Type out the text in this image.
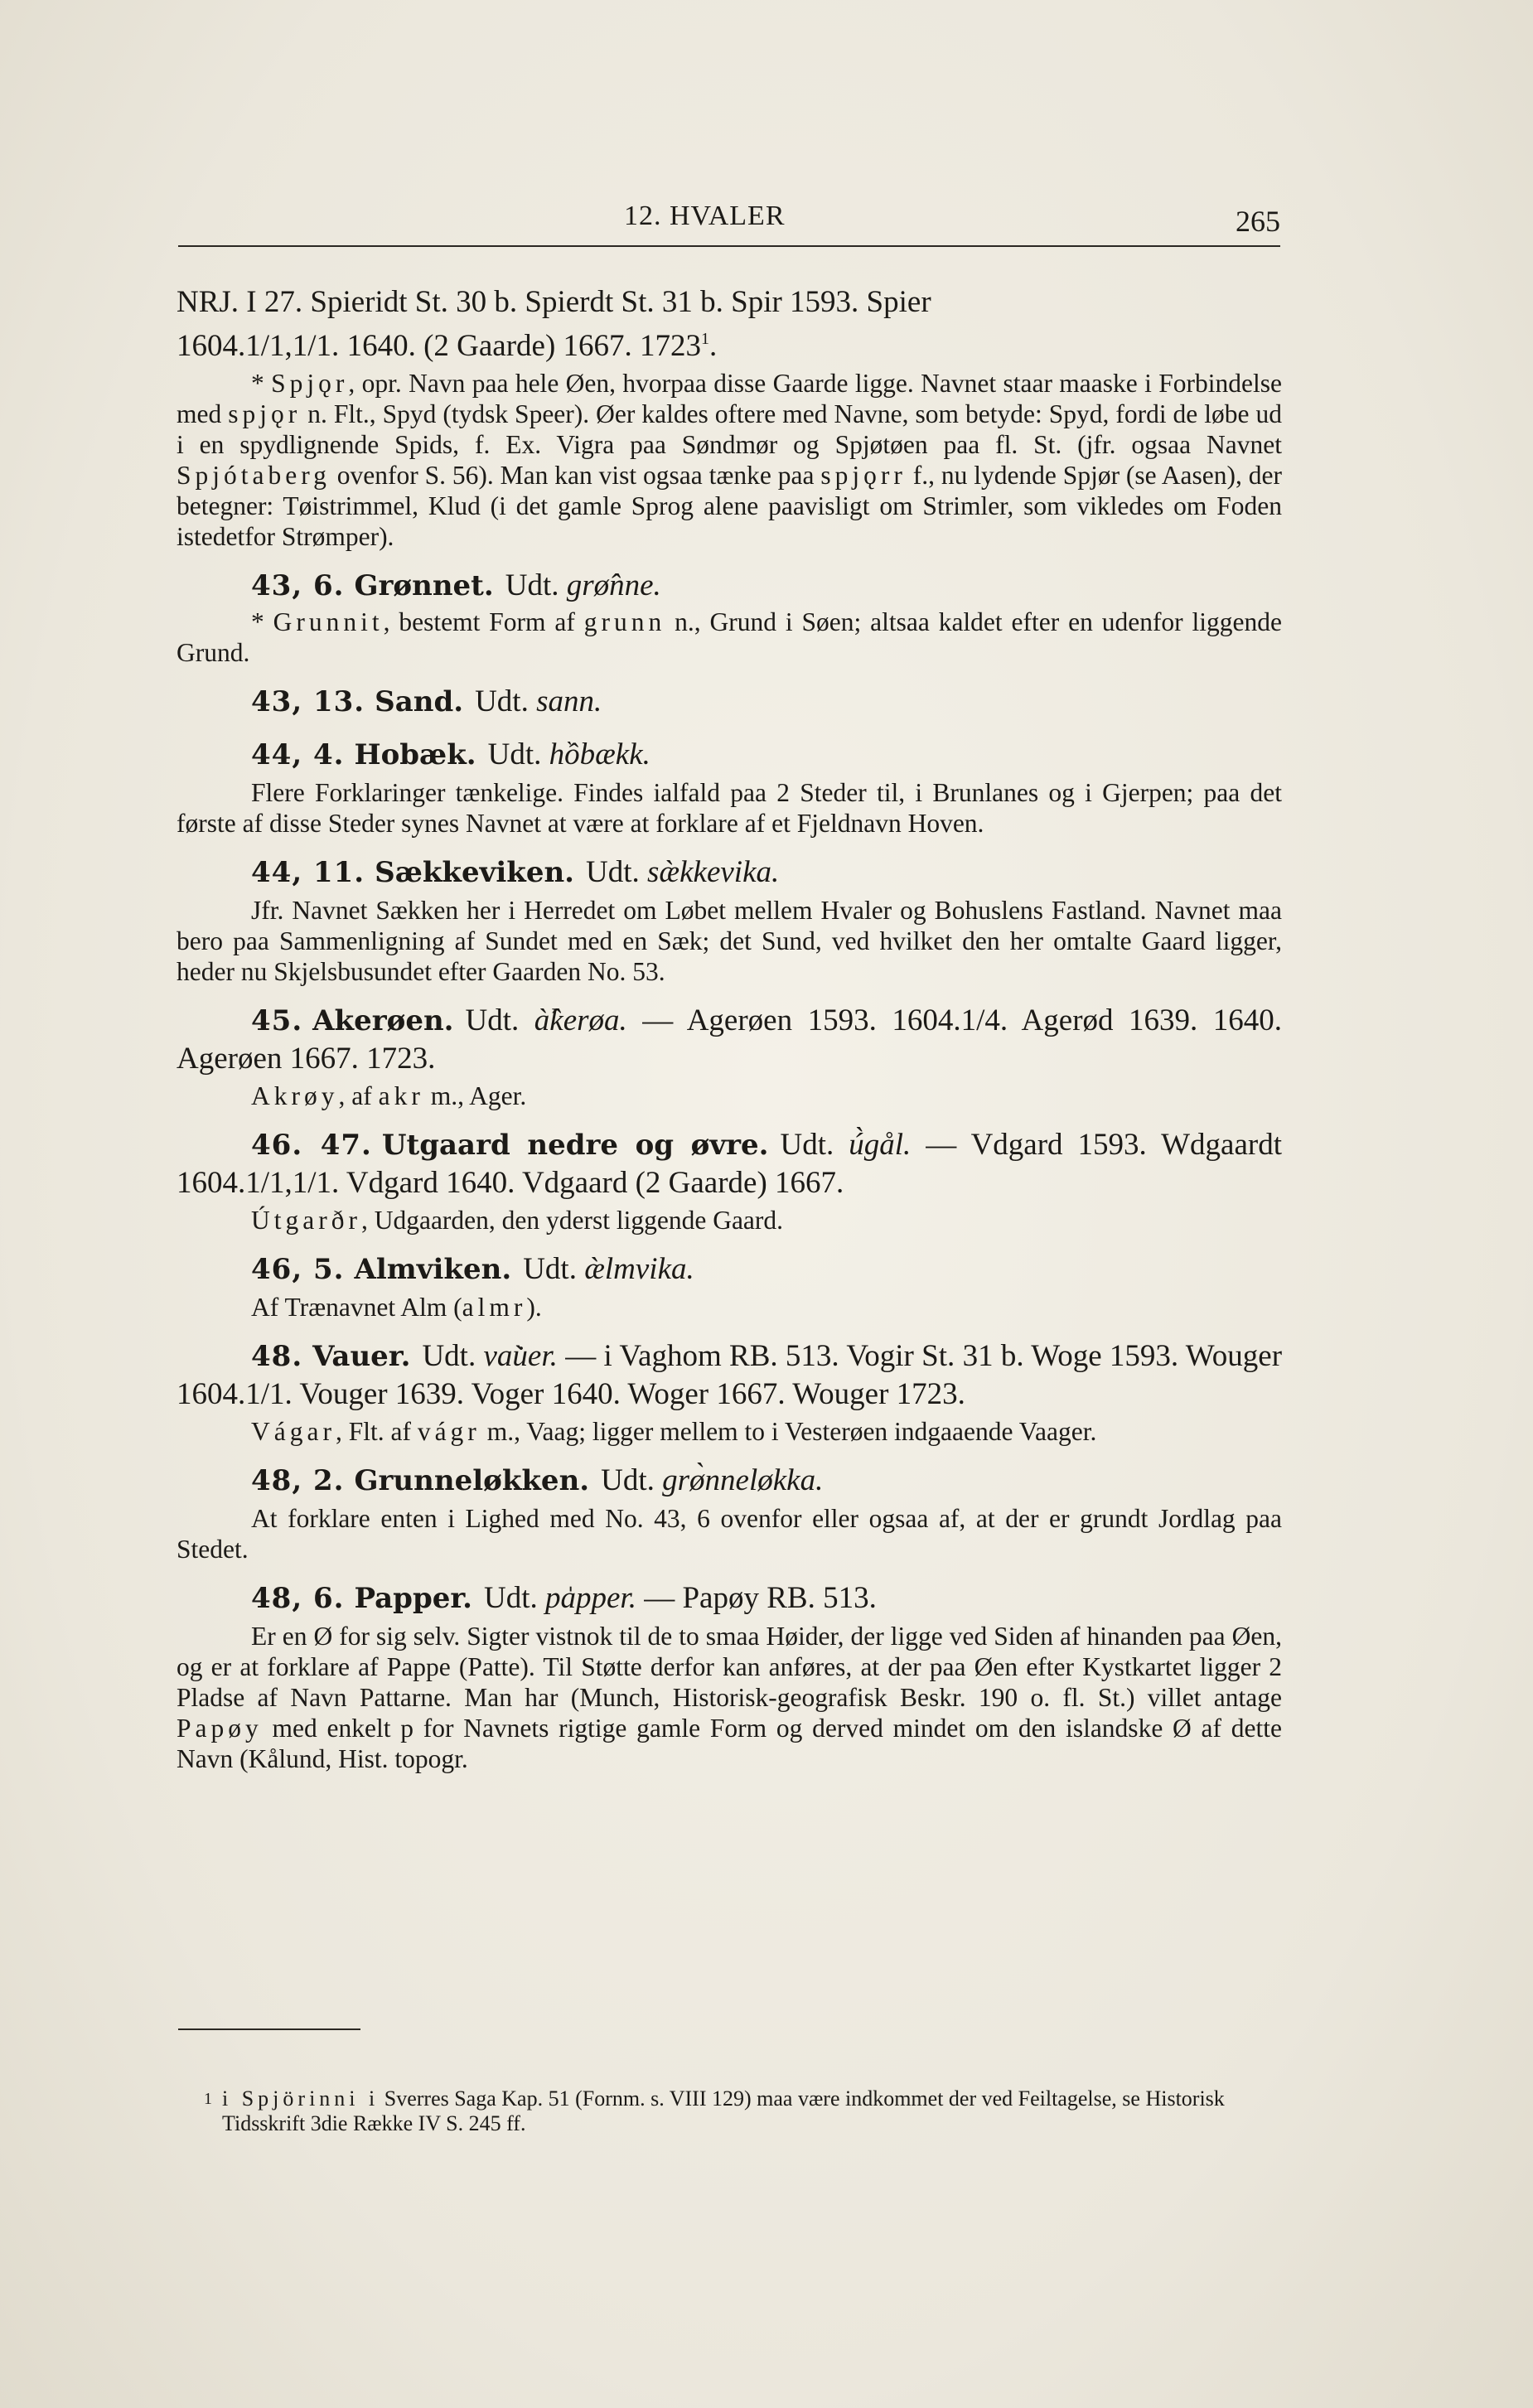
12. HVALER	265

NRJ. I 27. Spieridt St. 30 b. Spierdt St. 31 b. Spir 1593. Spier
1604.1/1,1/1. 1640. (2 Gaarde) 1667. 1723$^1$.

* Spjǫr, opr. Navn paa hele Øen, hvorpaa disse Gaarde ligge. Navnet staar maaske i Forbindelse med spjǫr n. Flt., Spyd (tydsk Speer). Øer kaldes oftere med Navne, som betyde: Spyd, fordi de løbe ud i en spydlignende Spids, f. Ex. Vigra paa Søndmør og Spjøtøen paa fl. St. (jfr. ogsaa Navnet Spjótaberg ovenfor S. 56). Man kan vist ogsaa tænke paa spjǫrr f., nu lydende Spjør (se Aasen), der betegner: Tøistrimmel, Klud (i det gamle Sprog alene paavisligt om Strimler, som vikledes om Foden istedetfor Strømper).

43, 6. Grønnet. Udt. grø̂nne.

* Grunnit, bestemt Form af grunn n., Grund i Søen; altsaa kaldet efter en udenfor liggende Grund.

43, 13. Sand. Udt. sann.

44, 4. Hobæk. Udt. hồbækk.

Flere Forklaringer tænkelige. Findes ialfald paa 2 Steder til, i Brunlanes og i Gjerpen; paa det første af disse Steder synes Navnet at være at forklare af et Fjeldnavn Hoven.

44, 11. Sækkeviken. Udt. sæ̀kkevika.

Jfr. Navnet Sækken her i Herredet om Løbet mellem Hvaler og Bohuslens Fastland. Navnet maa bero paa Sammenligning af Sundet med en Sæk; det Sund, ved hvilket den her omtalte Gaard ligger, heder nu Skjelsbusundet efter Gaarden No. 53.

45. Akerøen. Udt. à̂kerøa. — Agerøen 1593. 1604.1/4. Agerød 1639. 1640. Agerøen 1667. 1723.

Akrøy, af akr m., Ager.

46. 47. Utgaard nedre og øvre. Udt. ú̀gål. — Vdgard 1593. Wdgaardt 1604.1/1,1/1. Vdgard 1640. Vdgaard (2 Gaarde) 1667.

Útgarðr, Udgaarden, den yderst liggende Gaard.

46, 5. Almviken. Udt. æ̀lmvika.

Af Trænavnet Alm (almr).

48. Vauer. Udt. vau̇̀er. — i Vaghom RB. 513. Vogir St. 31 b. Woge 1593. Wouger 1604.1/1. Vouger 1639. Voger 1640. Woger 1667. Wouger 1723.

Vágar, Flt. af vágr m., Vaag; ligger mellem to i Vesterøen indgaaende Vaager.

48, 2. Grunneløkken. Udt. grø̀nneløkka.

At forklare enten i Lighed med No. 43, 6 ovenfor eller ogsaa af, at der er grundt Jordlag paa Stedet.

48, 6. Papper. Udt. pa̍pper. — Papøy RB. 513.

Er en Ø for sig selv. Sigter vistnok til de to smaa Høider, der ligge ved Siden af hinanden paa Øen, og er at forklare af Pappe (Patte). Til Støtte derfor kan anføres, at der paa Øen efter Kystkartet ligger 2 Pladse af Navn Pattarne. Man har (Munch, Historisk-geografisk Beskr. 190 o. fl. St.) villet antage Papøy med enkelt p for Navnets rigtige gamle Form og derved mindet om den islandske Ø af dette Navn (Kålund, Hist. topogr.

1 i Spjörinni i Sverres Saga Kap. 51 (Fornm. s. VIII 129) maa være indkommet der ved Feiltagelse, se Historisk Tidsskrift 3die Række IV S. 245 ff.
